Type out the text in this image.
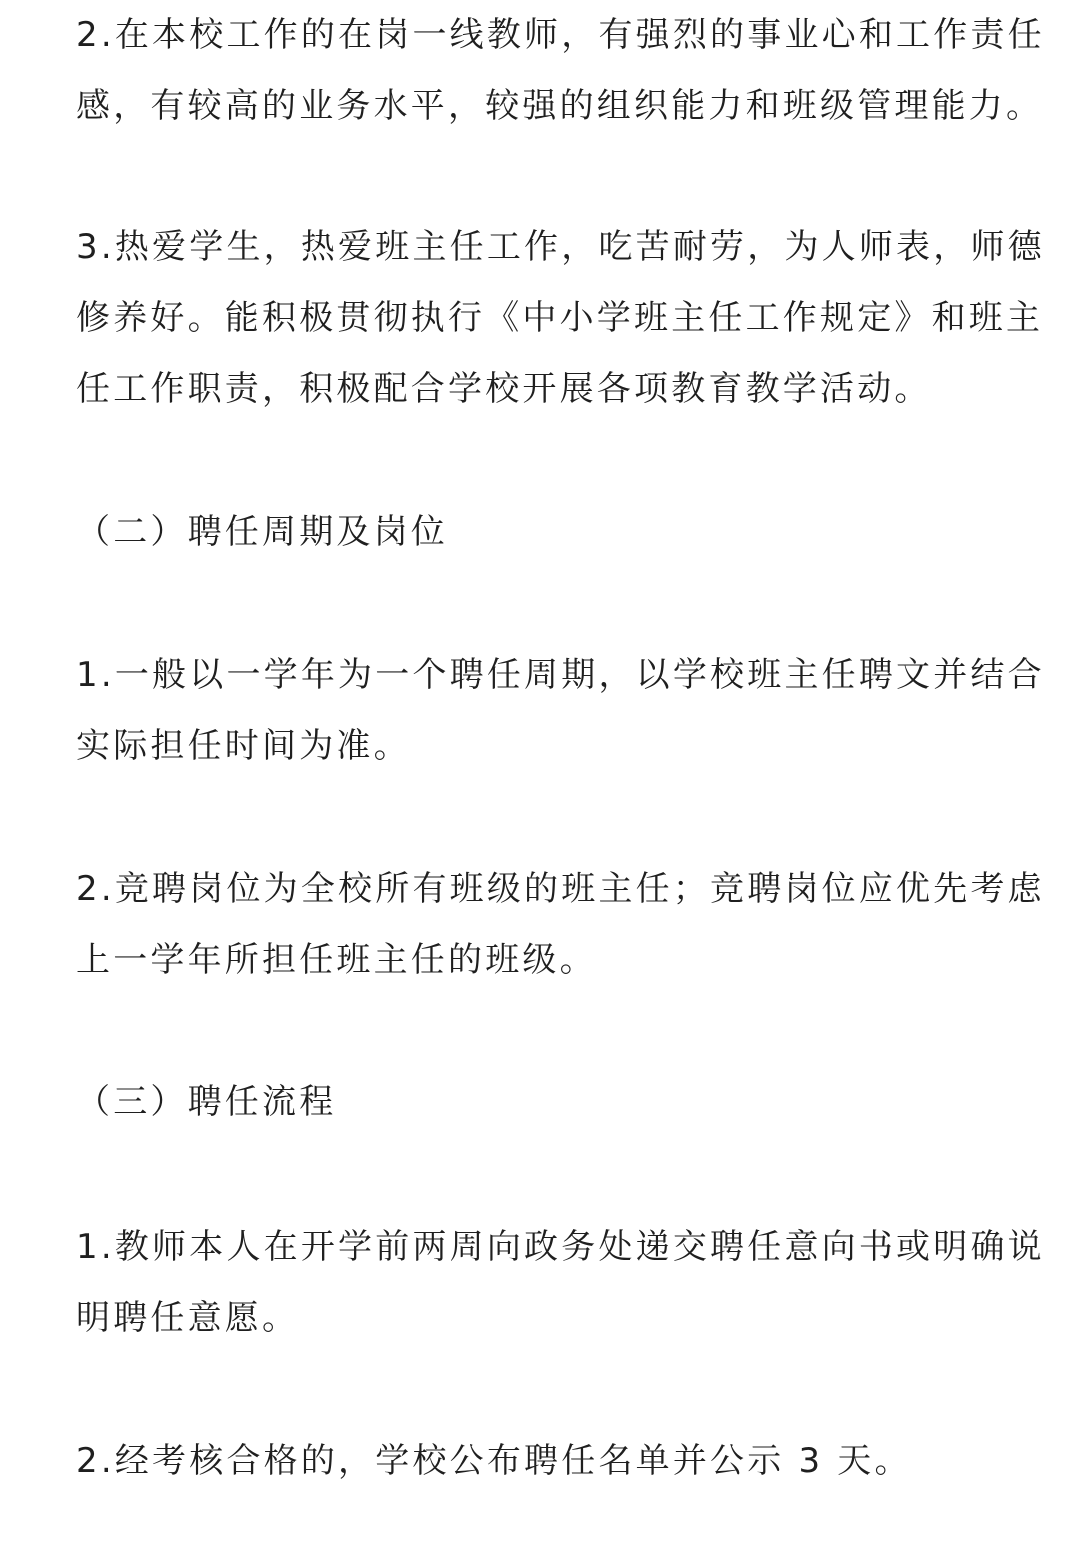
2.在本校工作的在岗一线教师，有强烈的事业心和工作责任
感，有较高的业务水平，较强的组织能力和班级管理能力。

3.热爱学生，热爱班主任工作，吃苦耐劳，为人师表，师德
修养好。能积极贯彻执行《中小学班主任工作规定》和班主
任工作职责，积极配合学校开展各项教育教学活动。

（二）聘任周期及岗位

1.一般以一学年为一个聘任周期，以学校班主任聘文并结合
实际担任时间为准。

2.竞聘岗位为全校所有班级的班主任；竞聘岗位应优先考虑
上一学年所担任班主任的班级。

（三）聘任流程

1.教师本人在开学前两周向政务处递交聘任意向书或明确说
明聘任意愿。

2.经考核合格的，学校公布聘任名单并公示 3 天。
